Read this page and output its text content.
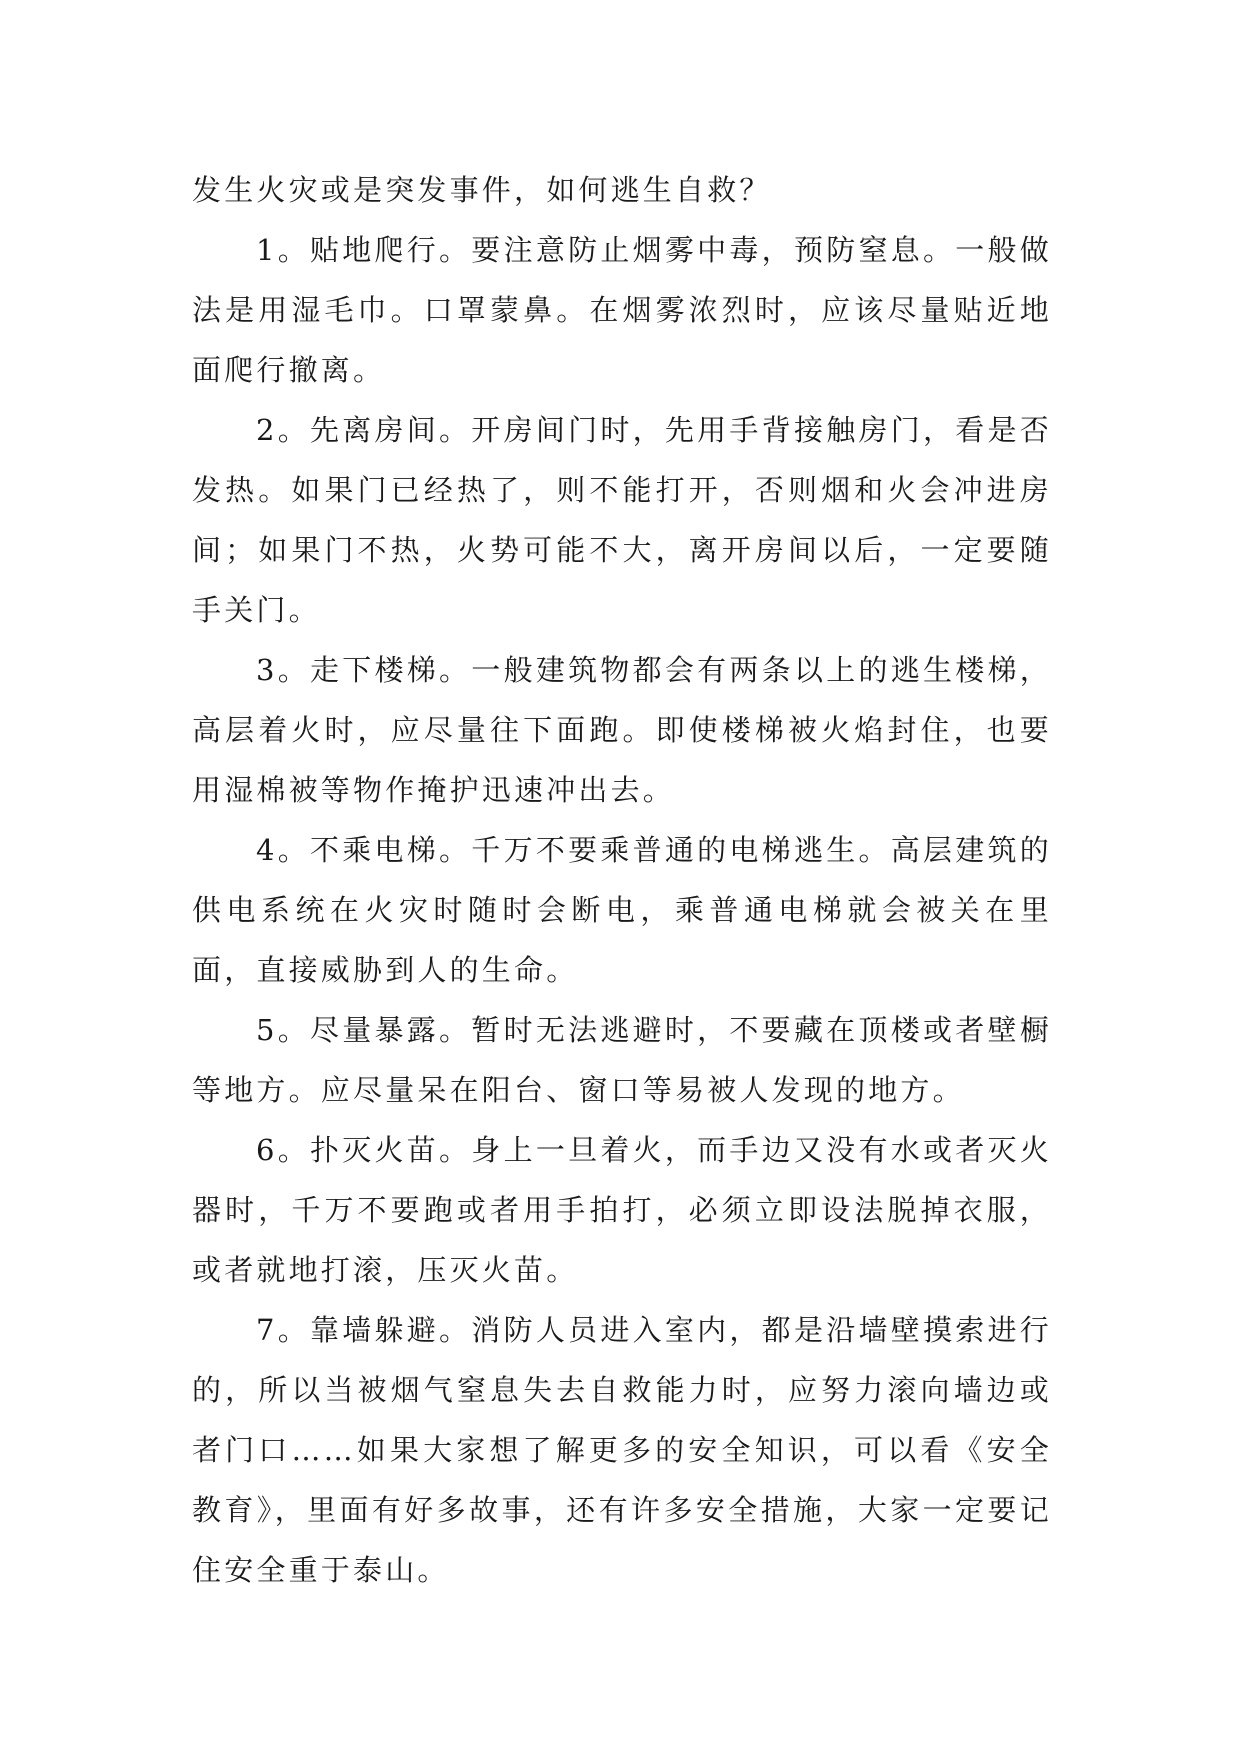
发生火灾或是突发事件，如何逃生自救？

1。贴地爬行。要注意防止烟雾中毒，预防窒息。一般做法是用湿毛巾。口罩蒙鼻。在烟雾浓烈时，应该尽量贴近地面爬行撤离。

2。先离房间。开房间门时，先用手背接触房门，看是否发热。如果门已经热了，则不能打开，否则烟和火会冲进房间；如果门不热，火势可能不大，离开房间以后，一定要随手关门。

3。走下楼梯。一般建筑物都会有两条以上的逃生楼梯，高层着火时，应尽量往下面跑。即使楼梯被火焰封住，也要用湿棉被等物作掩护迅速冲出去。

4。不乘电梯。千万不要乘普通的电梯逃生。高层建筑的供电系统在火灾时随时会断电，乘普通电梯就会被关在里面，直接威胁到人的生命。

5。尽量暴露。暂时无法逃避时，不要藏在顶楼或者壁橱等地方。应尽量呆在阳台、窗口等易被人发现的地方。

6。扑灭火苗。身上一旦着火，而手边又没有水或者灭火器时，千万不要跑或者用手拍打，必须立即设法脱掉衣服，或者就地打滚，压灭火苗。

7。靠墙躲避。消防人员进入室内，都是沿墙壁摸索进行的，所以当被烟气窒息失去自救能力时，应努力滚向墙边或者门口……如果大家想了解更多的安全知识，可以看《安全教育》，里面有好多故事，还有许多安全措施，大家一定要记住安全重于泰山。
